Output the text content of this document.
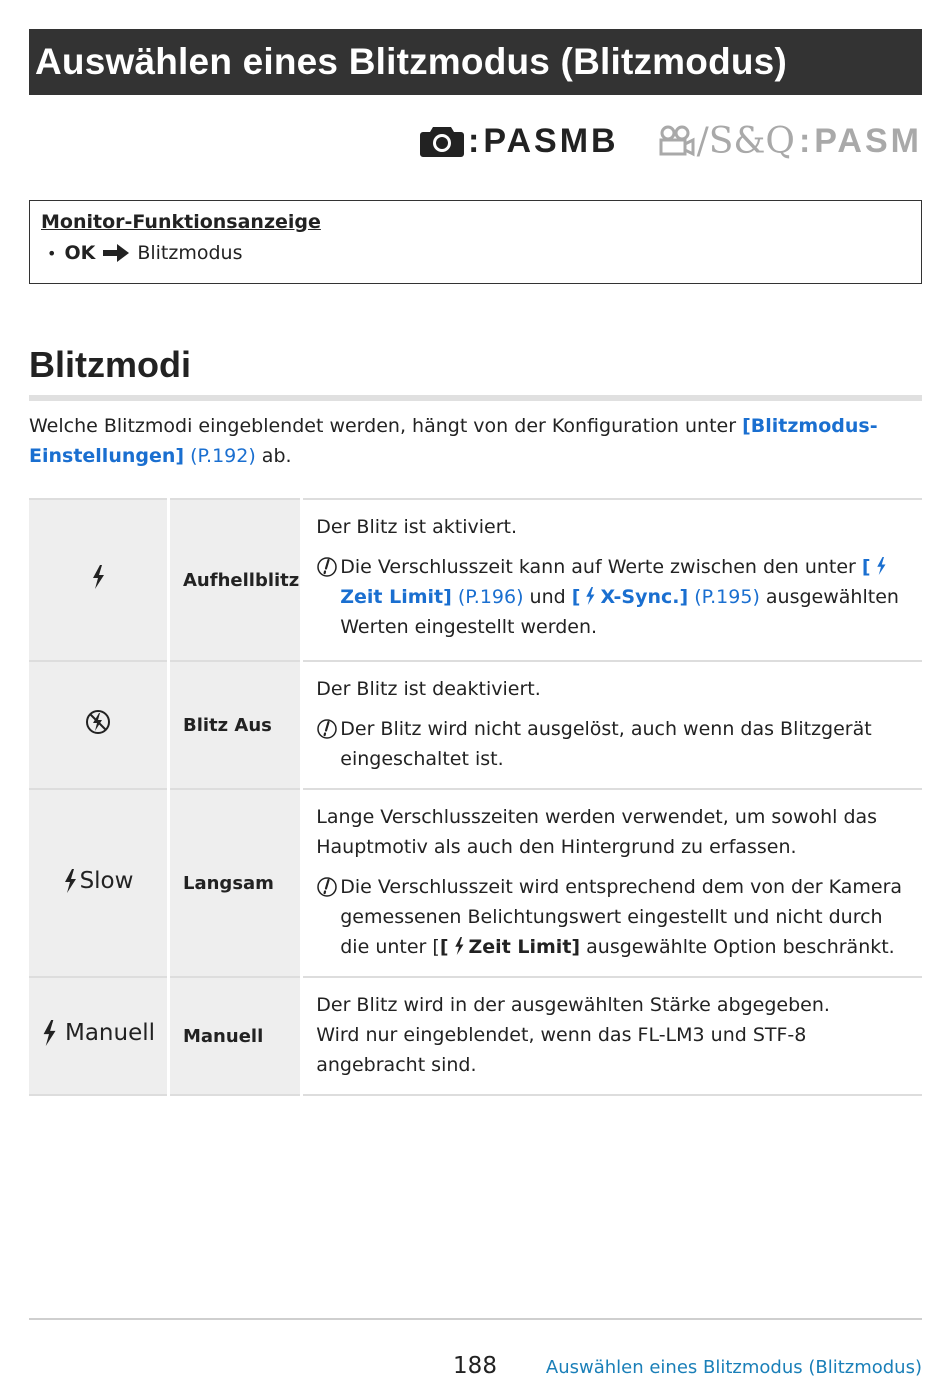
Auswählen eines Blitzmodus (Blitzmodus)
: PASMB / S&Q : PASM
Monitor-Funktionsanzeige
• OK Blitzmodus
Blitzmodi
Welche Blitzmodi eingeblendet werden, hängt von der Konfiguration unter [Blitzmodus-Einstellungen] (P.192) ab.
	Aufhellblitz	Der Blitz ist aktiviert.
Die Verschlusszeit kann auf Werte zwischen den unter [Zeit Limit] (P.196) und [ X-Sync.] (P.195) ausgewählten Werten eingestellt werden.

	Blitz Aus	Der Blitz ist deaktiviert.
Der Blitz wird nicht ausgelöst, auch wenn das Blitzgerät eingeschaltet ist.

Slow	Langsam	Lange Verschlusszeiten werden verwendet, um sowohl das Hauptmotiv als auch den Hintergrund zu erfassen.
Die Verschlusszeit wird entsprechend dem von der Kamera gemessenen Belichtungswert eingestellt und nicht durch die unter [[ Zeit Limit] ausgewählte Option beschränkt.

Manuell	Manuell	Der Blitz wird in der ausgewählten Stärke abgegeben.
Wird nur eingeblendet, wenn das FL-LM3 und STF-8 angebracht sind.
188	Auswählen eines Blitzmodus (Blitzmodus)
